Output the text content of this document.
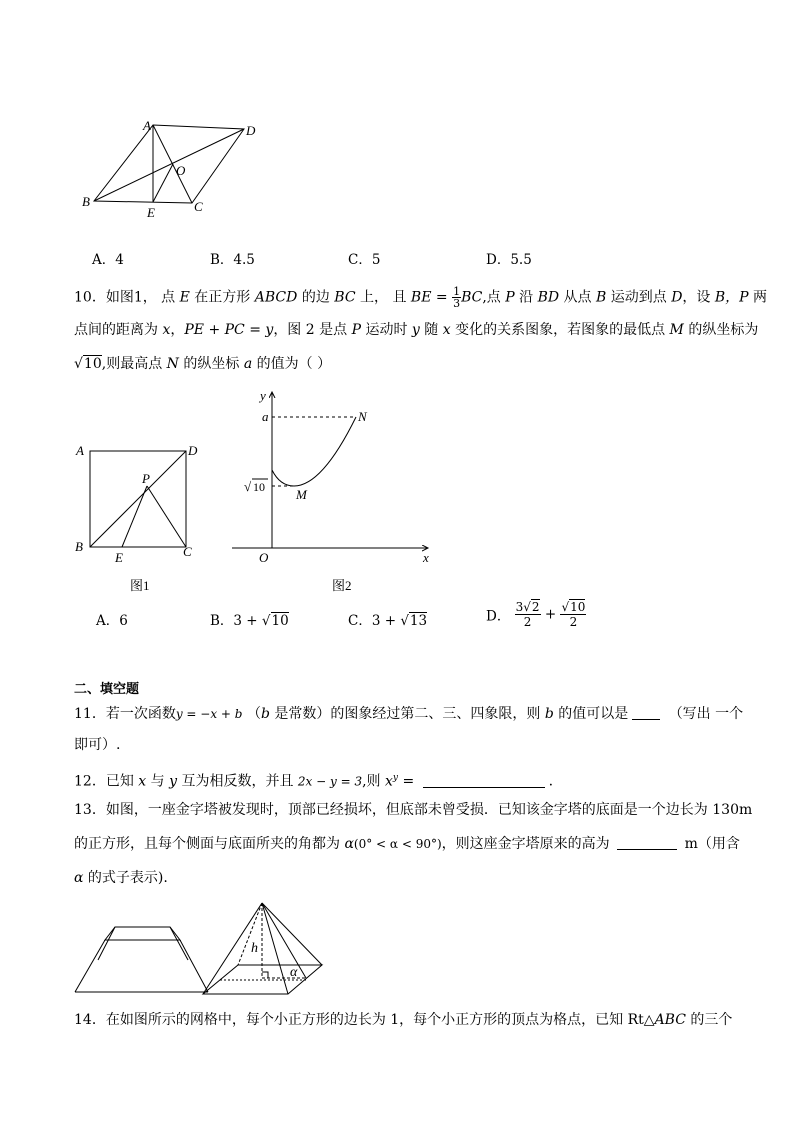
A	D
O
B
E	C
A．4	B．4.5	C．5	D．5.5
10．如图1， 点 E 在正方形 ABCD 的边 BC 上， 且 BE = $\frac{1}{3}$ BC,点 P 沿 BD 从点 B 运动到点 D，设 B，P 两
点间的距离为 x，PE + PC = y，图 2 是点 P 运动时 y 随 x 变化的关系图象，若图象的最低点 M 的纵坐标为
√10,则最高点 N 的纵坐标 a 的值为（ ）
A	D
P
B
E	C
图1
y
a	N
√ 10 M
O	x
图2
A．6	B．3 + √10	C．3 + √13	D． $\frac{3√2}{2} + \frac{√10}{2}$
二、填空题
11．若一次函数y = −x + b （b 是常数）的图象经过第二、三、四象限，则 b 的值可以是	（写出 一个
即可）.
12．已知 x 与 y 互为相反数，并且 2x − y = 3,则 $x^y$ =	.
13．如图，一座金字塔被发现时，顶部已经损坏，但底部未曾受损．已知该金字塔的底面是一个边长为 130m
的正方形，且每个侧面与底面所夹的角都为 α(0° < α < 90°)，则这座金字塔原来的高为	m（用含
α 的式子表示).
h
α
14．在如图所示的网格中，每个小正方形的边长为 1，每个小正方形的顶点为格点，已知 Rt△ABC 的三个
